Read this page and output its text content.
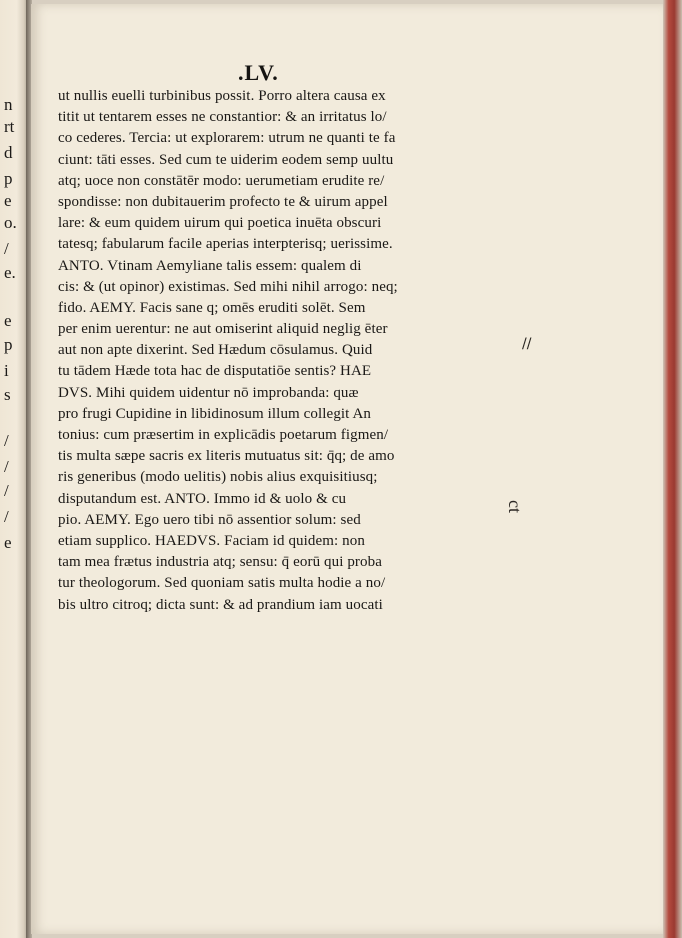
n
rt
d
p
e
o.
/
e.
e
p
i
s
/
/
/
/
e
.LV.
ut nullis euelli turbinibus possit. Porro altera causa ex
titit ut tentarem esses ne constantior: & an irritatus lo/
co cederes. Tercia: ut explorarem: utrum ne quanti te fa
ciunt: tāti esses. Sed cum te uiderim eodem semp uultu
atq; uoce non constātēr modo: uerumetiam erudite re/
spondisse: non dubitauerim profecto te & uirum appel
lare: & eum quidem uirum qui poetica inuēta obscuri
tatesq; fabularum facile aperias interpterisq; uerissime.
ANTO. Vtinam Aemyliane talis essem: qualem di
cis: & (ut opinor) existimas. Sed mihi nihil arrogo: neq;
fido. AEMY. Facis sane q; omēs eruditi solēt. Sem
per enim uerentur: ne aut omiserint aliquid neglig ēter
aut non apte dixerint. Sed Hædum cōsulamus. Quid
tu tādem Hæde tota hac de disputatiōe sentis? HAE
DVS. Mihi quidem uidentur nō improbanda: quæ
pro frugi Cupidine in libidinosum illum collegit An
tonius: cum præsertim in explicādis poetarum figmen/
tis multa sæpe sacris ex literis mutuatus sit: q̄q; de amo
ris generibus (modo uelitis) nobis alius exquisitiusq;
disputandum est. ANTO. Immo id & uolo & cu
pio. AEMY. Ego uero tibi nō assentior solum: sed
etiam supplico. HAEDVS. Faciam id quidem: non
tam mea frætus industria atq; sensu: q̄ eorū qui proba
tur theologorum. Sed quoniam satis multa hodie a no/
bis ultro citroq; dicta sunt: & ad prandium iam uocati
//
ct
